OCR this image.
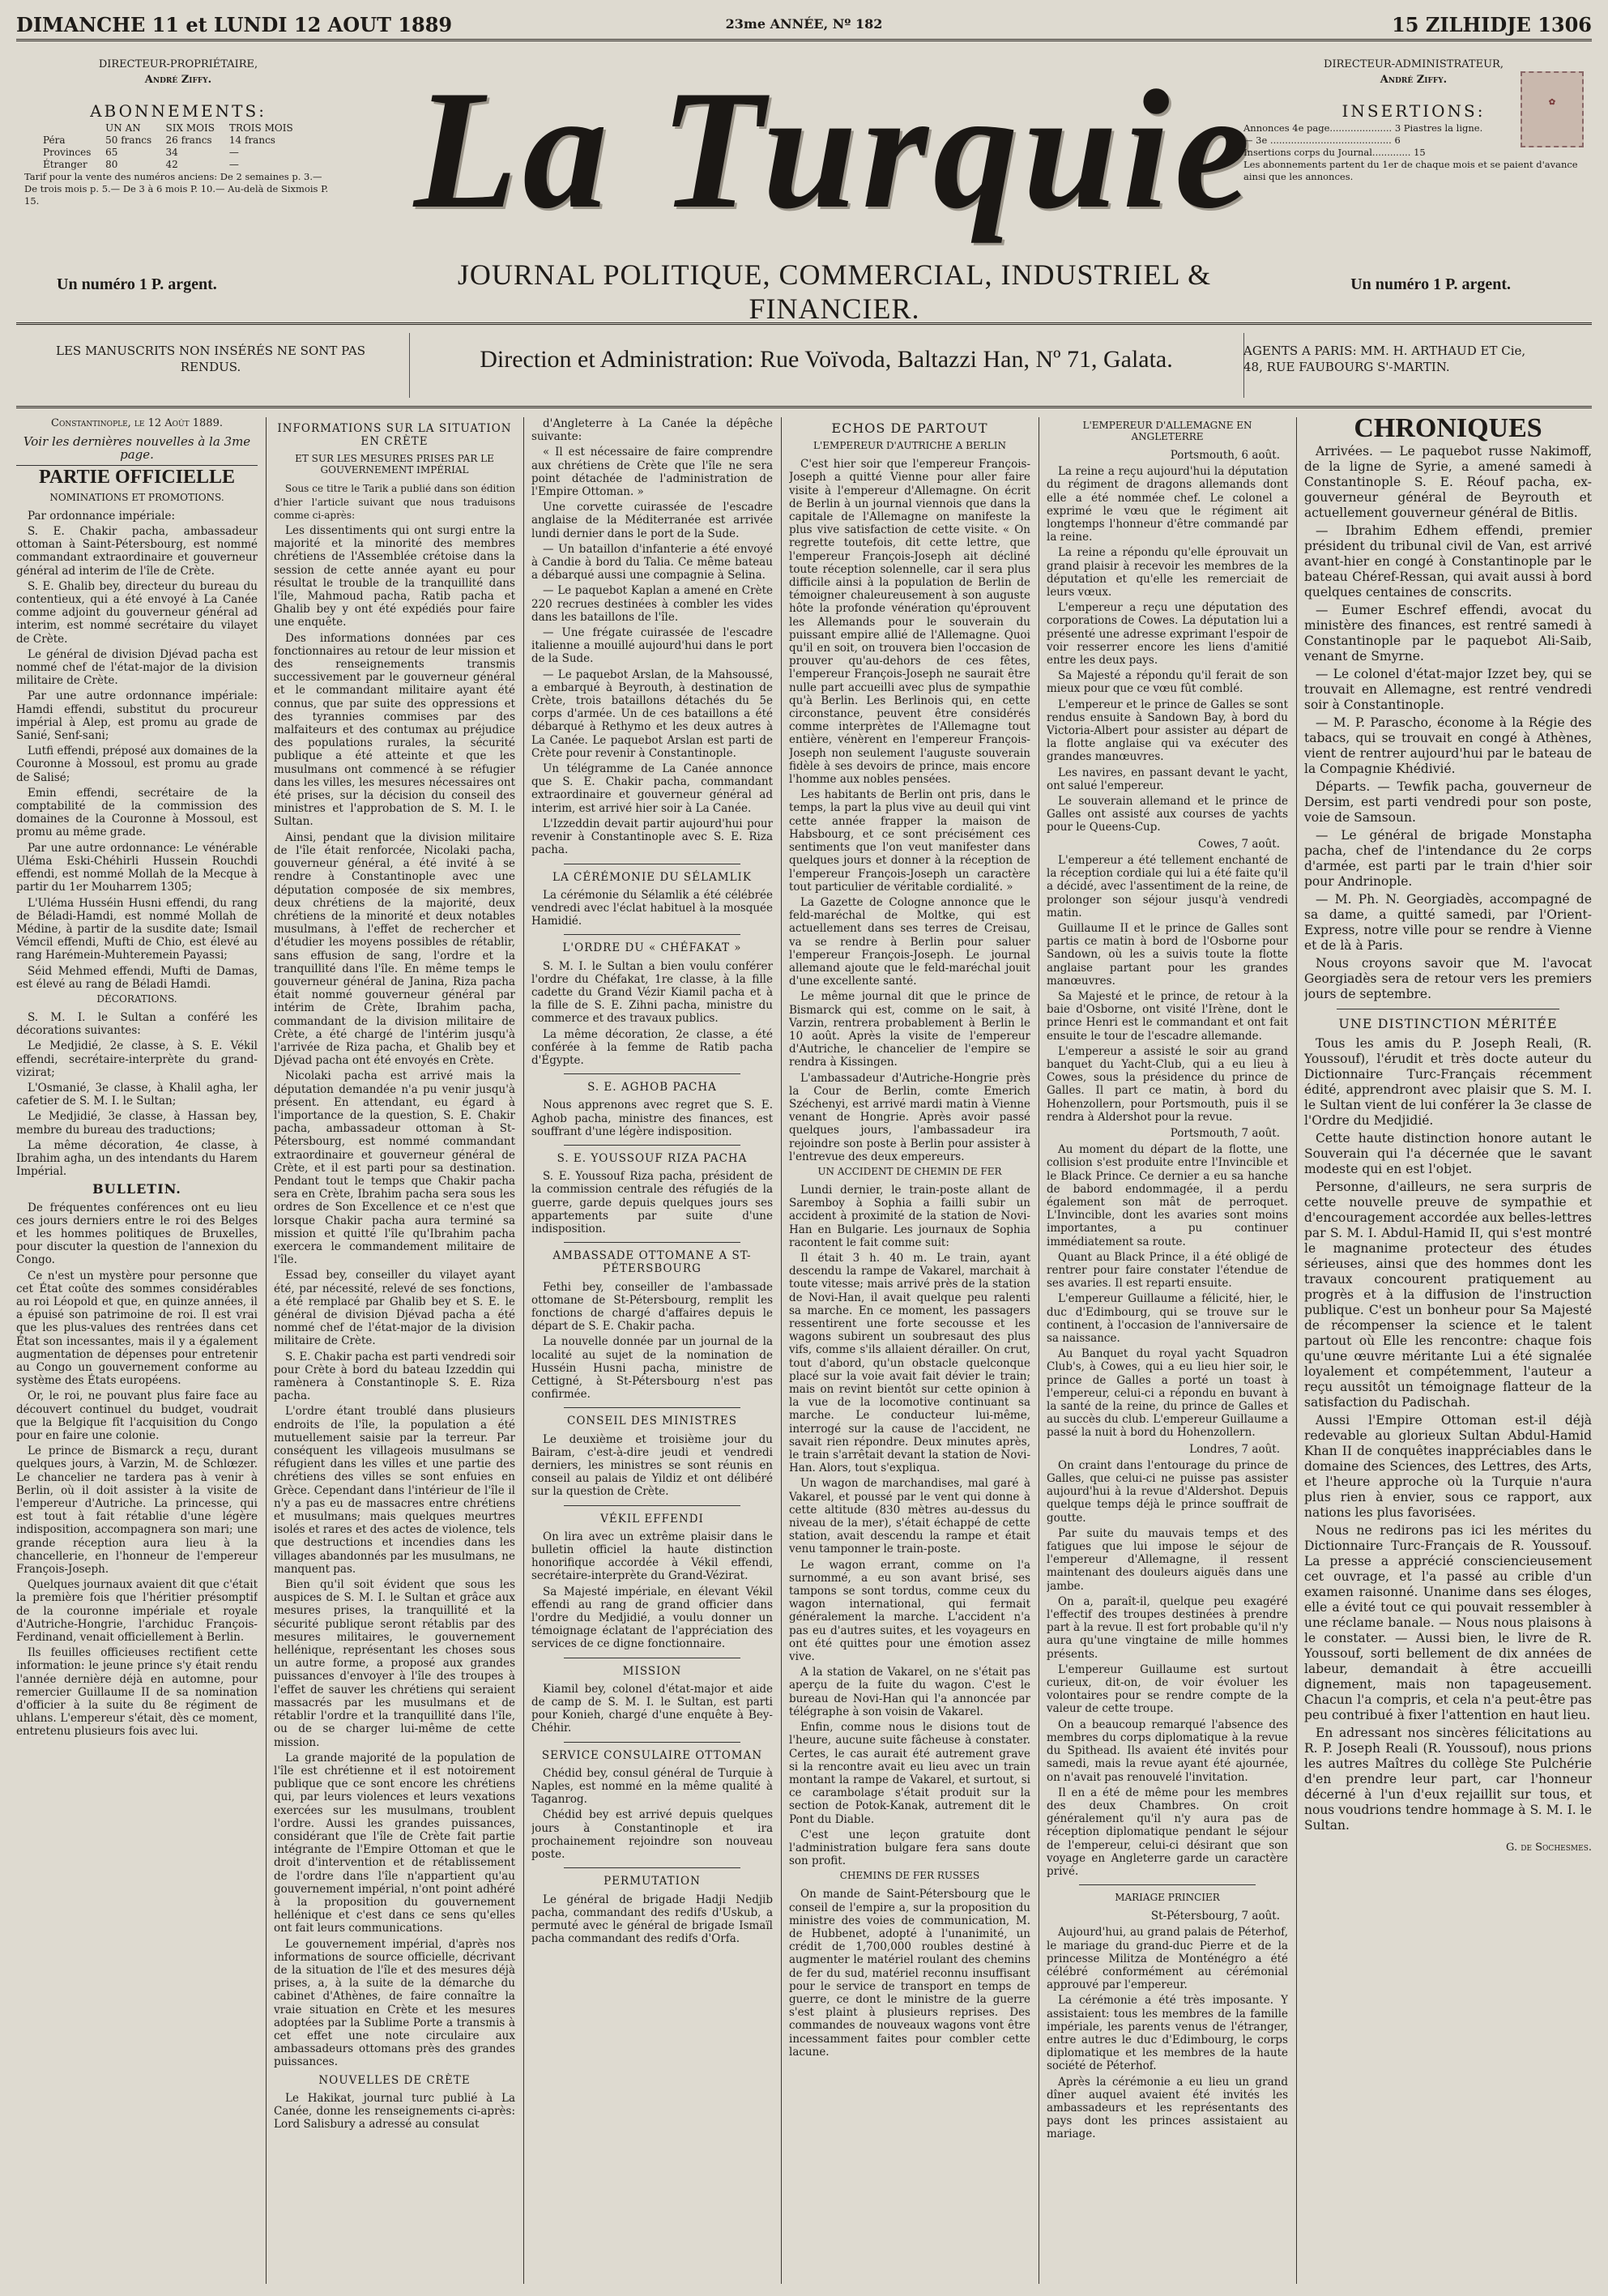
DIMANCHE 11 et LUNDI 12 AOUT 1889	23me ANNÉE, Nº 182	15 ZILHIDJE 1306
DIRECTEUR-PROPRIÉTAIRE,
André Ziffy.
ABONNEMENTS:
	UN AN	SIX MOIS	TROIS MOIS
Péra	50 francs	26 francs	14 francs
Provinces	65	34	—
Étranger	80	42	—
Tarif pour la vente des numéros anciens: De 2 semaines p. 3.— De trois mois p. 5.— De 3 à 6 mois P. 10.— Au-delà de Sixmois P. 15.
Un numéro 1 P. argent.
La Turquie
JOURNAL POLITIQUE, COMMERCIAL, INDUSTRIEL & FINANCIER.
DIRECTEUR-ADMINISTRATEUR,
André Ziffy.
INSERTIONS:
Annonces 4e page..................... 3 Piastres la ligne.
— 3e ......................................... 6
Insertions corps du Journal............. 15
Les abonnements partent du 1er de chaque mois et se paient d'avance ainsi que les annonces.
✿
Un numéro 1 P. argent.
LES MANUSCRITS NON INSÉRÉS NE SONT PAS RENDUS.	Direction et Administration: Rue Voïvoda, Baltazzi Han, Nº 71, Galata.	AGENTS A PARIS: MM. H. ARTHAUD ET Cie,
48, RUE FAUBOURG S'-MARTIN.
Constantinople, le 12 Août 1889.
Voir les dernières nouvelles à la 3me page.
PARTIE OFFICIELLE
NOMINATIONS ET PROMOTIONS.

Par ordonnance impériale:

S. E. Chakir pacha, ambassadeur ottoman à Saint-Pétersbourg, est nommé commandant extraordinaire et gouverneur général ad interim de l'île de Crète.

S. E. Ghalib bey, directeur du bureau du contentieux, qui a été envoyé à La Canée comme adjoint du gouverneur général ad interim, est nommé secrétaire du vilayet de Crète.

Le général de division Djévad pacha est nommé chef de l'état-major de la division militaire de Crète.

Par une autre ordonnance impériale: Hamdi effendi, substitut du procureur impérial à Alep, est promu au grade de Sanié, Senf-sani;

Lutfi effendi, préposé aux domaines de la Couronne à Mossoul, est promu au grade de Salisé;

Emin effendi, secrétaire de la comptabilité de la commission des domaines de la Couronne à Mossoul, est promu au même grade.

Par une autre ordonnance: Le vénérable Uléma Eski-Chéhirli Hussein Rouchdi effendi, est nommé Mollah de la Mecque à partir du 1er Mouharrem 1305;

L'Uléma Husséin Husni effendi, du rang de Béladi-Hamdi, est nommé Mollah de Médine, à partir de la susdite date; Ismail Vémcil effendi, Mufti de Chio, est élevé au rang Harémein-Muhteremein Payassi;

Séid Mehmed effendi, Mufti de Damas, est élevé au rang de Béladi Hamdi.

DÉCORATIONS.

S. M. I. le Sultan a conféré les décorations suivantes:

Le Medjidié, 2e classe, à S. E. Vékil effendi, secrétaire-interprète du grand-vizirat;

L'Osmanié, 3e classe, à Khalil agha, ler cafetier de S. M. I. le Sultan;

Le Medjidié, 3e classe, à Hassan bey, membre du bureau des traductions;

La même décoration, 4e classe, à Ibrahim agha, un des intendants du Harem Impérial.

BULLETIN.

De fréquentes conférences ont eu lieu ces jours derniers entre le roi des Belges et les hommes politiques de Bruxelles, pour discuter la question de l'annexion du Congo.

Ce n'est un mystère pour personne que cet État coûte des sommes considérables au roi Léopold et que, en quinze années, il a épuisé son patrimoine de roi. Il est vrai que les plus-values des rentrées dans cet État son incessantes, mais il y a également augmentation de dépenses pour entretenir au Congo un gouvernement conforme au système des États européens.

Or, le roi, ne pouvant plus faire face au découvert continuel du budget, voudrait que la Belgique fît l'acquisition du Congo pour en faire une colonie.

Le prince de Bismarck a reçu, durant quelques jours, à Varzin, M. de Schlœzer. Le chancelier ne tardera pas à venir à Berlin, où il doit assister à la visite de l'empereur d'Autriche. La princesse, qui est tout à fait rétablie d'une légère indisposition, accompagnera son mari; une grande réception aura lieu à la chancellerie, en l'honneur de l'empereur François-Joseph.

Quelques journaux avaient dit que c'était la première fois que l'héritier présomptif de la couronne impériale et royale d'Autriche-Hongrie, l'archiduc François-Ferdinand, venait officiellement à Berlin.

Ils feuilles officieuses rectifient cette information: le jeune prince s'y était rendu l'année dernière déjà en automne, pour remercier Guillaume II de sa nomination d'officier à la suite du 8e régiment de uhlans. L'empereur s'était, dès ce moment, entretenu plusieurs fois avec lui.

INFORMATIONS SUR LA SITUATION EN CRÈTE
ET SUR LES MESURES PRISES PAR LE GOUVERNEMENT IMPÉRIAL

Sous ce titre le Tarik a publié dans son édition d'hier l'article suivant que nous traduisons comme ci-après:

Les dissentiments qui ont surgi entre la majorité et la minorité des membres chrétiens de l'Assemblée crétoise dans la session de cette année ayant eu pour résultat le trouble de la tranquillité dans l'île, Mahmoud pacha, Ratib pacha et Ghalib bey y ont été expédiés pour faire une enquête.

Des informations données par ces fonctionnaires au retour de leur mission et des renseignements transmis successivement par le gouverneur général et le commandant militaire ayant été connus, que par suite des oppressions et des tyrannies commises par des malfaiteurs et des contumax au préjudice des populations rurales, la sécurité publique a été atteinte et que les musulmans ont commencé à se réfugier dans les villes, les mesures nécessaires ont été prises, sur la décision du conseil des ministres et l'approbation de S. M. I. le Sultan.

Ainsi, pendant que la division militaire de l'île était renforcée, Nicolaki pacha, gouverneur général, a été invité à se rendre à Constantinople avec une députation composée de six membres, deux chrétiens de la majorité, deux chrétiens de la minorité et deux notables musulmans, à l'effet de rechercher et d'étudier les moyens possibles de rétablir, sans effusion de sang, l'ordre et la tranquillité dans l'île. En même temps le gouverneur général de Janina, Riza pacha était nommé gouverneur général par intérim de Crète, Ibrahim pacha, commandant de la division militaire de Crète, a été chargé de l'intérim jusqu'à l'arrivée de Riza pacha, et Ghalib bey et Djévad pacha ont été envoyés en Crète.

Nicolaki pacha est arrivé mais la députation demandée n'a pu venir jusqu'à présent. En attendant, eu égard à l'importance de la question, S. E. Chakir pacha, ambassadeur ottoman à St-Pétersbourg, est nommé commandant extraordinaire et gouverneur général de Crète, et il est parti pour sa destination. Pendant tout le temps que Chakir pacha sera en Crète, Ibrahim pacha sera sous les ordres de Son Excellence et ce n'est que lorsque Chakir pacha aura terminé sa mission et quitté l'île qu'Ibrahim pacha exercera le commandement militaire de l'île.

Essad bey, conseiller du vilayet ayant été, par nécessité, relevé de ses fonctions, a été remplacé par Ghalib bey et S. E. le général de division Djévad pacha a été nommé chef de l'état-major de la division militaire de Crète.

S. E. Chakir pacha est parti vendredi soir pour Crète à bord du bateau Izzeddin qui ramènera à Constantinople S. E. Riza pacha.

L'ordre étant troublé dans plusieurs endroits de l'île, la population a été mutuellement saisie par la terreur. Par conséquent les villageois musulmans se réfugient dans les villes et une partie des chrétiens des villes se sont enfuies en Grèce. Cependant dans l'intérieur de l'île il n'y a pas eu de massacres entre chrétiens et musulmans; mais quelques meurtres isolés et rares et des actes de violence, tels que destructions et incendies dans les villages abandonnés par les musulmans, ne manquent pas.

Bien qu'il soit évident que sous les auspices de S. M. I. le Sultan et grâce aux mesures prises, la tranquillité et la sécurité publique seront rétablis par des mesures militaires, le gouvernement hellénique, représentant les choses sous un autre forme, a proposé aux grandes puissances d'envoyer à l'île des troupes à l'effet de sauver les chrétiens qui seraient massacrés par les musulmans et de rétablir l'ordre et la tranquillité dans l'île, ou de se charger lui-même de cette mission.

La grande majorité de la population de l'île est chrétienne et il est notoirement publique que ce sont encore les chrétiens qui, par leurs violences et leurs vexations exercées sur les musulmans, troublent l'ordre. Aussi les grandes puissances, considérant que l'île de Crète fait partie intégrante de l'Empire Ottoman et que le droit d'intervention et de rétablissement de l'ordre dans l'île n'appartient qu'au gouvernement impérial, n'ont point adhéré à la proposition du gouvernement hellénique et c'est dans ce sens qu'elles ont fait leurs communications.

Le gouvernement impérial, d'après nos informations de source officielle, décrivant de la situation de l'île et des mesures déjà prises, a, à la suite de la démarche du cabinet d'Athènes, de faire connaître la vraie situation en Crète et les mesures adoptées par la Sublime Porte a transmis à cet effet une note circulaire aux ambassadeurs ottomans près des grandes puissances.

NOUVELLES DE CRÈTE

Le Hakikat, journal turc publié à La Canée, donne les renseignements ci-après: Lord Salisbury a adressé au consulat

d'Angleterre à La Canée la dépêche suivante:

« Il est nécessaire de faire comprendre aux chrétiens de Crète que l'île ne sera point détachée de l'administration de l'Empire Ottoman. »

Une corvette cuirassée de l'escadre anglaise de la Méditerranée est arrivée lundi dernier dans le port de la Sude.

— Un bataillon d'infanterie a été envoyé à Candie à bord du Talia. Ce même bateau a débarqué aussi une compagnie à Selina.

— Le paquebot Kaplan a amené en Crète 220 recrues destinées à combler les vides dans les bataillons de l'île.

— Une frégate cuirassée de l'escadre italienne a mouillé aujourd'hui dans le port de la Sude.

— Le paquebot Arslan, de la Mahsoussé, a embarqué à Beyrouth, à destination de Crète, trois bataillons détachés du 5e corps d'armée. Un de ces bataillons a été débarqué à Rethymo et les deux autres à La Canée. Le paquebot Arslan est parti de Crète pour revenir à Constantinople.

Un télégramme de La Canée annonce que S. E. Chakir pacha, commandant extraordinaire et gouverneur général ad interim, est arrivé hier soir à La Canée.

L'Izzeddin devait partir aujourd'hui pour revenir à Constantinople avec S. E. Riza pacha.

LA CÉRÉMONIE DU SÉLAMLIK

La cérémonie du Sélamlik a été célébrée vendredi avec l'éclat habituel à la mosquée Hamidié.

L'ORDRE DU « CHÉFAKAT »

S. M. I. le Sultan a bien voulu conférer l'ordre du Chéfakat, 1re classe, à la fille cadette du Grand Vézir Kiamil pacha et à la fille de S. E. Zihni pacha, ministre du commerce et des travaux publics.

La même décoration, 2e classe, a été conférée à la femme de Ratib pacha d'Égypte.

S. E. AGHOB PACHA

Nous apprenons avec regret que S. E. Aghob pacha, ministre des finances, est souffrant d'une légère indisposition.

S. E. YOUSSOUF RIZA PACHA

S. E. Youssouf Riza pacha, président de la commission centrale des réfugiés de la guerre, garde depuis quelques jours ses appartements par suite d'une indisposition.

AMBASSADE OTTOMANE A ST-PÉTERSBOURG

Fethi bey, conseiller de l'ambassade ottomane de St-Pétersbourg, remplit les fonctions de chargé d'affaires depuis le départ de S. E. Chakir pacha.

La nouvelle donnée par un journal de la localité au sujet de la nomination de Husséin Husni pacha, ministre de Cettigné, à St-Pétersbourg n'est pas confirmée.

CONSEIL DES MINISTRES

Le deuxième et troisième jour du Bairam, c'est-à-dire jeudi et vendredi derniers, les ministres se sont réunis en conseil au palais de Yildiz et ont délibéré sur la question de Crète.

VÉKIL EFFENDI

On lira avec un extrême plaisir dans le bulletin officiel la haute distinction honorifique accordée à Vékil effendi, secrétaire-interprète du Grand-Vézirat.

Sa Majesté impériale, en élevant Vékil effendi au rang de grand officier dans l'ordre du Medjidié, a voulu donner un témoignage éclatant de l'appréciation des services de ce digne fonctionnaire.

MISSION

Kiamil bey, colonel d'état-major et aide de camp de S. M. I. le Sultan, est parti pour Konieh, chargé d'une enquête à Bey-Chéhir.

SERVICE CONSULAIRE OTTOMAN

Chédid bey, consul général de Turquie à Naples, est nommé en la même qualité à Taganrog.

Chédid bey est arrivé depuis quelques jours à Constantinople et ira prochainement rejoindre son nouveau poste.

PERMUTATION

Le général de brigade Hadji Nedjib pacha, commandant des redifs d'Uskub, a permuté avec le général de brigade Ismaïl pacha commandant des redifs d'Orfa.

ECHOS DE PARTOUT
L'EMPEREUR D'AUTRICHE A BERLIN

C'est hier soir que l'empereur François-Joseph a quitté Vienne pour aller faire visite à l'empereur d'Allemagne. On écrit de Berlin à un journal viennois que dans la capitale de l'Allemagne on manifeste la plus vive satisfaction de cette visite. « On regrette toutefois, dit cette lettre, que l'empereur François-Joseph ait décliné toute réception solennelle, car il sera plus difficile ainsi à la population de Berlin de témoigner chaleureusement à son auguste hôte la profonde vénération qu'éprouvent les Allemands pour le souverain du puissant empire allié de l'Allemagne. Quoi qu'il en soit, on trouvera bien l'occasion de prouver qu'au-dehors de ces fêtes, l'empereur François-Joseph ne saurait être nulle part accueilli avec plus de sympathie qu'à Berlin. Les Berlinois qui, en cette circonstance, peuvent être considérés comme interprètes de l'Allemagne tout entière, vénèrent en l'empereur François-Joseph non seulement l'auguste souverain fidèle à ses devoirs de prince, mais encore l'homme aux nobles pensées.

Les habitants de Berlin ont pris, dans le temps, la part la plus vive au deuil qui vint cette année frapper la maison de Habsbourg, et ce sont précisément ces sentiments que l'on veut manifester dans quelques jours et donner à la réception de l'empereur François-Joseph un caractère tout particulier de véritable cordialité. »

La Gazette de Cologne annonce que le feld-maréchal de Moltke, qui est actuellement dans ses terres de Creisau, va se rendre à Berlin pour saluer l'empereur François-Joseph. Le journal allemand ajoute que le feld-maréchal jouit d'une excellente santé.

Le même journal dit que le prince de Bismarck qui est, comme on le sait, à Varzin, rentrera probablement à Berlin le 10 août. Après la visite de l'empereur d'Autriche, le chancelier de l'empire se rendra à Kissingen.

L'ambassadeur d'Autriche-Hongrie près la Cour de Berlin, comte Emerich Széchenyi, est arrivé mardi matin à Vienne venant de Hongrie. Après avoir passé quelques jours, l'ambassadeur ira rejoindre son poste à Berlin pour assister à l'entrevue des deux empereurs.

UN ACCIDENT DE CHEMIN DE FER

Lundi dernier, le train-poste allant de Saremboy à Sophia a failli subir un accident à proximité de la station de Novi-Han en Bulgarie. Les journaux de Sophia racontent le fait comme suit:

Il était 3 h. 40 m. Le train, ayant descendu la rampe de Vakarel, marchait à toute vitesse; mais arrivé près de la station de Novi-Han, il avait quelque peu ralenti sa marche. En ce moment, les passagers ressentirent une forte secousse et les wagons subirent un soubresaut des plus vifs, comme s'ils allaient dérailler. On crut, tout d'abord, qu'un obstacle quelconque placé sur la voie avait fait dévier le train; mais on revint bientôt sur cette opinion à la vue de la locomotive continuant sa marche. Le conducteur lui-même, interrogé sur la cause de l'accident, ne savait rien répondre. Deux minutes après, le train s'arrêtait devant la station de Novi-Han. Alors, tout s'expliqua.

Un wagon de marchandises, mal garé à Vakarel, et poussé par le vent qui donne à cette altitude (830 mètres au-dessus du niveau de la mer), s'était échappé de cette station, avait descendu la rampe et était venu tamponner le train-poste.

Le wagon errant, comme on l'a surnommé, a eu son avant brisé, ses tampons se sont tordus, comme ceux du wagon international, qui fermait généralement la marche. L'accident n'a pas eu d'autres suites, et les voyageurs en ont été quittes pour une émotion assez vive.

A la station de Vakarel, on ne s'était pas aperçu de la fuite du wagon. C'est le bureau de Novi-Han qui l'a annoncée par télégraphe à son voisin de Vakarel.

Enfin, comme nous le disions tout de l'heure, aucune suite fâcheuse à constater. Certes, le cas aurait été autrement grave si la rencontre avait eu lieu avec un train montant la rampe de Vakarel, et surtout, si ce carambolage s'était produit sur la section de Potok-Kanak, autrement dit le Pont du Diable.

C'est une leçon gratuite dont l'administration bulgare fera sans doute son profit.

CHEMINS DE FER RUSSES

On mande de Saint-Pétersbourg que le conseil de l'empire a, sur la proposition du ministre des voies de communication, M. de Hubbenet, adopté à l'unanimité, un crédit de 1,700,000 roubles destiné à augmenter le matériel roulant des chemins de fer du sud, matériel reconnu insuffisant pour le service de transport en temps de guerre, ce dont le ministre de la guerre s'est plaint à plusieurs reprises. Des commandes de nouveaux wagons vont être incessamment faites pour combler cette lacune.

L'EMPEREUR D'ALLEMAGNE EN ANGLETERRE
Portsmouth, 6 août.

La reine a reçu aujourd'hui la députation du régiment de dragons allemands dont elle a été nommée chef. Le colonel a exprimé le vœu que le régiment ait longtemps l'honneur d'être commandé par la reine.

La reine a répondu qu'elle éprouvait un grand plaisir à recevoir les membres de la députation et qu'elle les remerciait de leurs vœux.

L'empereur a reçu une députation des corporations de Cowes. La députation lui a présenté une adresse exprimant l'espoir de voir resserrer encore les liens d'amitié entre les deux pays.

Sa Majesté a répondu qu'il ferait de son mieux pour que ce vœu fût comblé.

L'empereur et le prince de Galles se sont rendus ensuite à Sandown Bay, à bord du Victoria-Albert pour assister au départ de la flotte anglaise qui va exécuter des grandes manœuvres.

Les navires, en passant devant le yacht, ont salué l'empereur.

Le souverain allemand et le prince de Galles ont assisté aux courses de yachts pour le Queens-Cup.

Cowes, 7 août.

L'empereur a été tellement enchanté de la réception cordiale qui lui a été faite qu'il a décidé, avec l'assentiment de la reine, de prolonger son séjour jusqu'à vendredi matin.

Guillaume II et le prince de Galles sont partis ce matin à bord de l'Osborne pour Sandown, où les a suivis toute la flotte anglaise partant pour les grandes manœuvres.

Sa Majesté et le prince, de retour à la baie d'Osborne, ont visité l'Irène, dont le prince Henri est le commandant et ont fait ensuite le tour de l'escadre allemande.

L'empereur a assisté le soir au grand banquet du Yacht-Club, qui a eu lieu à Cowes, sous la présidence du prince de Galles. Il part ce matin, à bord du Hohenzollern, pour Portsmouth, puis il se rendra à Aldershot pour la revue.

Portsmouth, 7 août.

Au moment du départ de la flotte, une collision s'est produite entre l'Invincible et le Black Prince. Ce dernier a eu sa hanche de babord endommagée, il a perdu également son mât de perroquet. L'Invincible, dont les avaries sont moins importantes, a pu continuer immédiatement sa route.

Quant au Black Prince, il a été obligé de rentrer pour faire constater l'étendue de ses avaries. Il est reparti ensuite.

L'empereur Guillaume a félicité, hier, le duc d'Edimbourg, qui se trouve sur le continent, à l'occasion de l'anniversaire de sa naissance.

Au Banquet du royal yacht Squadron Club's, à Cowes, qui a eu lieu hier soir, le prince de Galles a porté un toast à l'empereur, celui-ci a répondu en buvant à la santé de la reine, du prince de Galles et au succès du club. L'empereur Guillaume a passé la nuit à bord du Hohenzollern.

Londres, 7 août.

On craint dans l'entourage du prince de Galles, que celui-ci ne puisse pas assister aujourd'hui à la revue d'Aldershot. Depuis quelque temps déjà le prince souffrait de goutte.

Par suite du mauvais temps et des fatigues que lui impose le séjour de l'empereur d'Allemagne, il ressent maintenant des douleurs aiguës dans une jambe.

On a, paraît-il, quelque peu exagéré l'effectif des troupes destinées à prendre part à la revue. Il est fort probable qu'il n'y aura qu'une vingtaine de mille hommes présents.

L'empereur Guillaume est surtout curieux, dit-on, de voir évoluer les volontaires pour se rendre compte de la valeur de cette troupe.

On a beaucoup remarqué l'absence des membres du corps diplomatique à la revue du Spithead. Ils avaient été invités pour samedi, mais la revue ayant été ajournée, on n'avait pas renouvelé l'invitation.

Il en a été de même pour les membres des deux Chambres. On croit généralement qu'il n'y aura pas de réception diplomatique pendant le séjour de l'empereur, celui-ci désirant que son voyage en Angleterre garde un caractère privé.

MARIAGE PRINCIER
St-Pétersbourg, 7 août.

Aujourd'hui, au grand palais de Péterhof, le mariage du grand-duc Pierre et de la princesse Militza de Monténégro a été célébré conformément au cérémonial approuvé par l'empereur.

La cérémonie a été très imposante. Y assistaient: tous les membres de la famille impériale, les parents venus de l'étranger, entre autres le duc d'Edimbourg, le corps diplomatique et les membres de la haute société de Péterhof.

Après la cérémonie a eu lieu un grand dîner auquel avaient été invités les ambassadeurs et les représentants des pays dont les princes assistaient au mariage.

CHRONIQUES

Arrivées. — Le paquebot russe Nakimoff, de la ligne de Syrie, a amené samedi à Constantinople S. E. Réouf pacha, ex-gouverneur général de Beyrouth et actuellement gouverneur général de Bitlis.

— Ibrahim Edhem effendi, premier président du tribunal civil de Van, est arrivé avant-hier en congé à Constantinople par le bateau Chéref-Ressan, qui avait aussi à bord quelques centaines de conscrits.

— Eumer Eschref effendi, avocat du ministère des finances, est rentré samedi à Constantinople par le paquebot Ali-Saib, venant de Smyrne.

— Le colonel d'état-major Izzet bey, qui se trouvait en Allemagne, est rentré vendredi soir à Constantinople.

— M. P. Parascho, économe à la Régie des tabacs, qui se trouvait en congé à Athènes, vient de rentrer aujourd'hui par le bateau de la Compagnie Khédivié.

Départs. — Tewfik pacha, gouverneur de Dersim, est parti vendredi pour son poste, voie de Samsoun.

— Le général de brigade Monstapha pacha, chef de l'intendance du 2e corps d'armée, est parti par le train d'hier soir pour Andrinople.

— M. Ph. N. Georgiadès, accompagné de sa dame, a quitté samedi, par l'Orient-Express, notre ville pour se rendre à Vienne et de là à Paris.

Nous croyons savoir que M. l'avocat Georgiadès sera de retour vers les premiers jours de septembre.

UNE DISTINCTION MÉRITÉE

Tous les amis du P. Joseph Reali, (R. Youssouf), l'érudit et très docte auteur du Dictionnaire Turc-Français récemment édité, apprendront avec plaisir que S. M. I. le Sultan vient de lui conférer la 3e classe de l'Ordre du Medjidié.

Cette haute distinction honore autant le Souverain qui l'a décernée que le savant modeste qui en est l'objet.

Personne, d'ailleurs, ne sera surpris de cette nouvelle preuve de sympathie et d'encouragement accordée aux belles-lettres par S. M. I. Abdul-Hamid II, qui s'est montré le magnanime protecteur des études sérieuses, ainsi que des hommes dont les travaux concourent pratiquement au progrès et à la diffusion de l'instruction publique. C'est un bonheur pour Sa Majesté de récompenser la science et le talent partout où Elle les rencontre: chaque fois qu'une œuvre méritante Lui a été signalée loyalement et compétemment, l'auteur a reçu aussitôt un témoignage flatteur de la satisfaction du Padischah.

Aussi l'Empire Ottoman est-il déjà redevable au glorieux Sultan Abdul-Hamid Khan II de conquêtes inappréciables dans le domaine des Sciences, des Lettres, des Arts, et l'heure approche où la Turquie n'aura plus rien à envier, sous ce rapport, aux nations les plus favorisées.

Nous ne redirons pas ici les mérites du Dictionnaire Turc-Français de R. Youssouf. La presse a apprécié consciencieusement cet ouvrage, et l'a passé au crible d'un examen raisonné. Unanime dans ses éloges, elle a évité tout ce qui pouvait ressembler à une réclame banale. — Nous nous plaisons à le constater. — Aussi bien, le livre de R. Youssouf, sorti bellement de dix années de labeur, demandait à être accueilli dignement, mais non tapageusement. Chacun l'a compris, et cela n'a peut-être pas peu contribué à fixer l'attention en haut lieu.

En adressant nos sincères félicitations au R. P. Joseph Reali (R. Youssouf), nous prions les autres Maîtres du collège Ste Pulchérie d'en prendre leur part, car l'honneur décerné à l'un d'eux rejaillit sur tous, et nous voudrions tendre hommage à S. M. I. le Sultan.

G. de Sochesmes.
